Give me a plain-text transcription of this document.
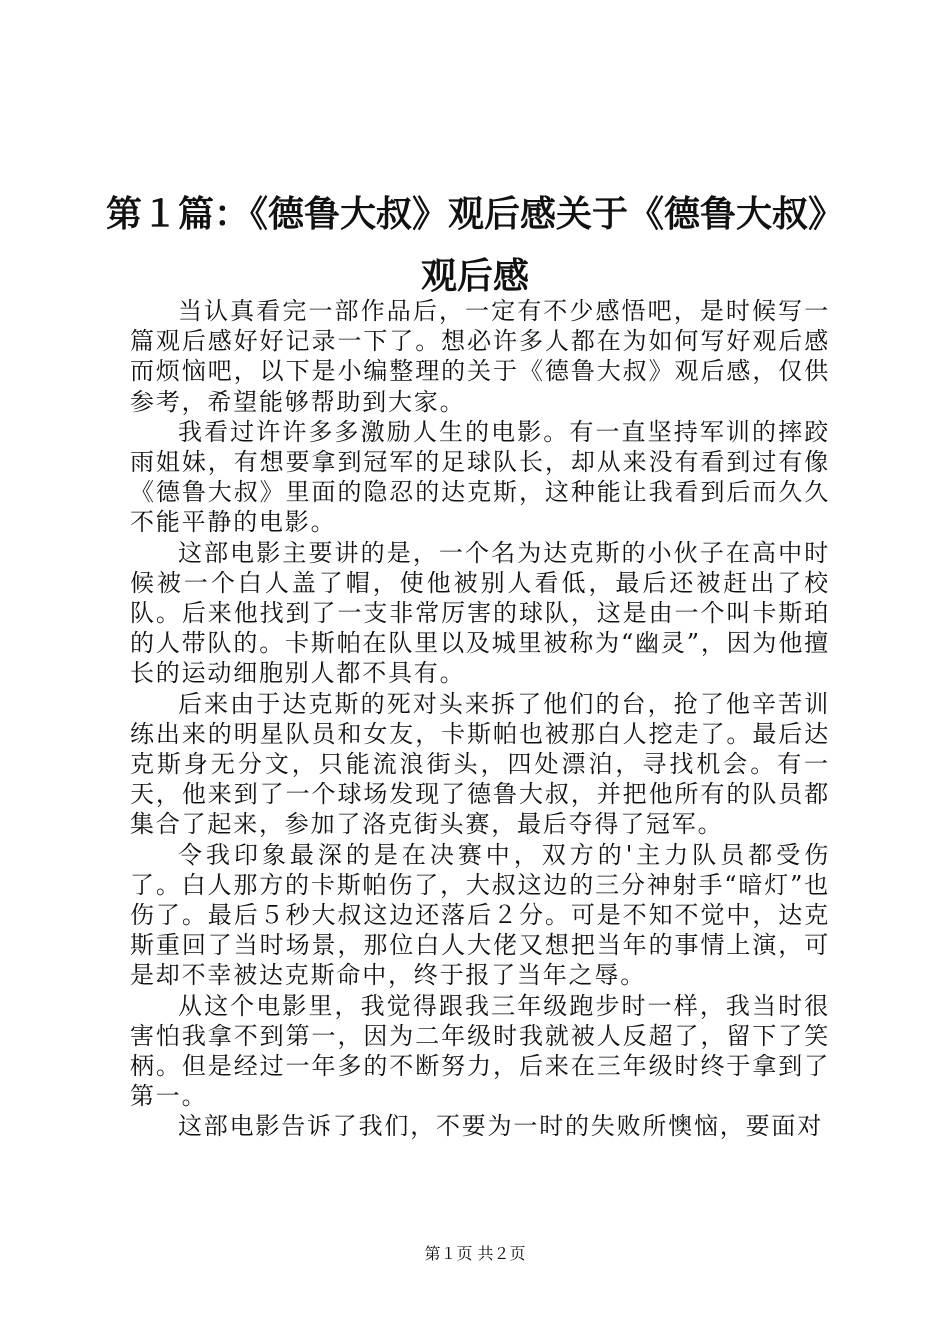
第１篇：《德鲁大叔》观后感关于《德鲁大叔》观后感

当认真看完一部作品后，一定有不少感悟吧，是时候写一篇观后感好好记录一下了。想必许多人都在为如何写好观后感而烦恼吧，以下是小编整理的关于《德鲁大叔》观后感，仅供参考，希望能够帮助到大家。

我看过许许多多激励人生的电影。有一直坚持军训的摔跤雨姐妹，有想要拿到冠军的足球队长，却从来没有看到过有像《德鲁大叔》里面的隐忍的达克斯，这种能让我看到后而久久不能平静的电影。

这部电影主要讲的是，一个名为达克斯的小伙子在高中时候被一个白人盖了帽，使他被别人看低，最后还被赶出了校队。后来他找到了一支非常厉害的球队，这是由一个叫卡斯珀的人带队的。卡斯帕在队里以及城里被称为“幽灵”，因为他擅长的运动细胞别人都不具有。

后来由于达克斯的死对头来拆了他们的台，抢了他辛苦训练出来的明星队员和女友，卡斯帕也被那白人挖走了。最后达克斯身无分文，只能流浪街头，四处漂泊，寻找机会。有一天，他来到了一个球场发现了德鲁大叔，并把他所有的队员都集合了起来，参加了洛克街头赛，最后夺得了冠军。

令我印象最深的是在决赛中，双方的'主力队员都受伤了。白人那方的卡斯帕伤了，大叔这边的三分神射手“暗灯”也伤了。最后５秒大叔这边还落后２分。可是不知不觉中，达克斯重回了当时场景，那位白人大佬又想把当年的事情上演，可是却不幸被达克斯命中，终于报了当年之辱。

从这个电影里，我觉得跟我三年级跑步时一样，我当时很害怕我拿不到第一，因为二年级时我就被人反超了，留下了笑柄。但是经过一年多的不断努力，后来在三年级时终于拿到了第一。

这部电影告诉了我们，不要为一时的失败所懊恼，要面对

第１页 共２页
